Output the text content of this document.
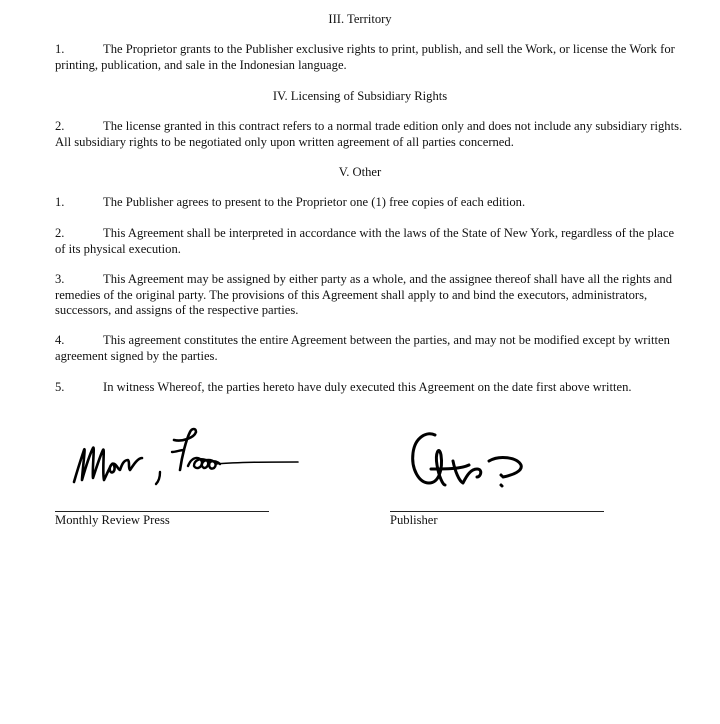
III. Territory
1.	The Proprietor grants to the Publisher exclusive rights to print, publish, and sell the Work, or license the Work for printing, publication, and sale in the Indonesian language.
IV. Licensing of Subsidiary Rights
2.	The license granted in this contract refers to a normal trade edition only and does not include any subsidiary rights. All subsidiary rights to be negotiated only upon written agreement of all parties concerned.
V. Other
1.	The Publisher agrees to present to the Proprietor one (1) free copies of each edition.
2.	This Agreement shall be interpreted in accordance with the laws of the State of New York, regardless of the place of its physical execution.
3.	This Agreement may be assigned by either party as a whole, and the assignee thereof shall have all the rights and remedies of the original party. The provisions of this Agreement shall apply to and bind the executors, administrators, successors, and assigns of the respective parties.
4.	This agreement constitutes the entire Agreement between the parties, and may not be modified except by written agreement signed by the parties.
5.	In witness Whereof, the parties hereto have duly executed this Agreement on the date first above written.
Monthly Review Press	Publisher
